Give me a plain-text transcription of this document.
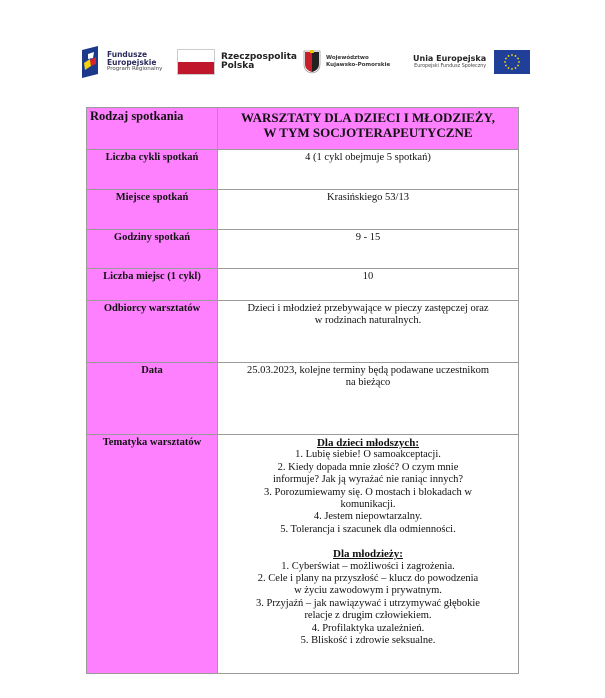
Fundusze
Europejskie
Program Regionalny
Rzeczpospolita
Polska
Województwo
Kujawsko-Pomorskie
Unia Europejska
Europejski Fundusz Społeczny
Rodzaj spotkania	WARSZTATY DLA DZIECI I MŁODZIEŻY,
W TYM SOCJOTERAPEUTYCZNE

Liczba cykli spotkań	4 (1 cykl obejmuje 5 spotkań)
Miejsce spotkań	Krasińskiego 53/13
Godziny spotkań	9 - 15
Liczba miejsc (1 cykl)	10
Odbiorcy warsztatów	Dzieci i młodzież przebywające w pieczy zastępczej oraz
w rodzinach naturalnych.

Data	25.03.2023, kolejne terminy będą podawane uczestnikom
na bieżąco

Tematyka warsztatów	Dla dzieci młodszych:
1. Lubię siebie! O samoakceptacji.
2. Kiedy dopada mnie złość? O czym mnie
informuje? Jak ją wyrażać nie raniąc innych?
3. Porozumiewamy się. O mostach i blokadach w
komunikacji.
4. Jestem niepowtarzalny.
5. Tolerancja i szacunek dla odmienności.
Dla młodzieży:
1. Cyberświat – możliwości i zagrożenia.
2. Cele i plany na przyszłość – klucz do powodzenia
w życiu zawodowym i prywatnym.
3. Przyjaźń – jak nawiązywać i utrzymywać głębokie
relacje z drugim człowiekiem.
4. Profilaktyka uzależnień.
5. Bliskość i zdrowie seksualne.
